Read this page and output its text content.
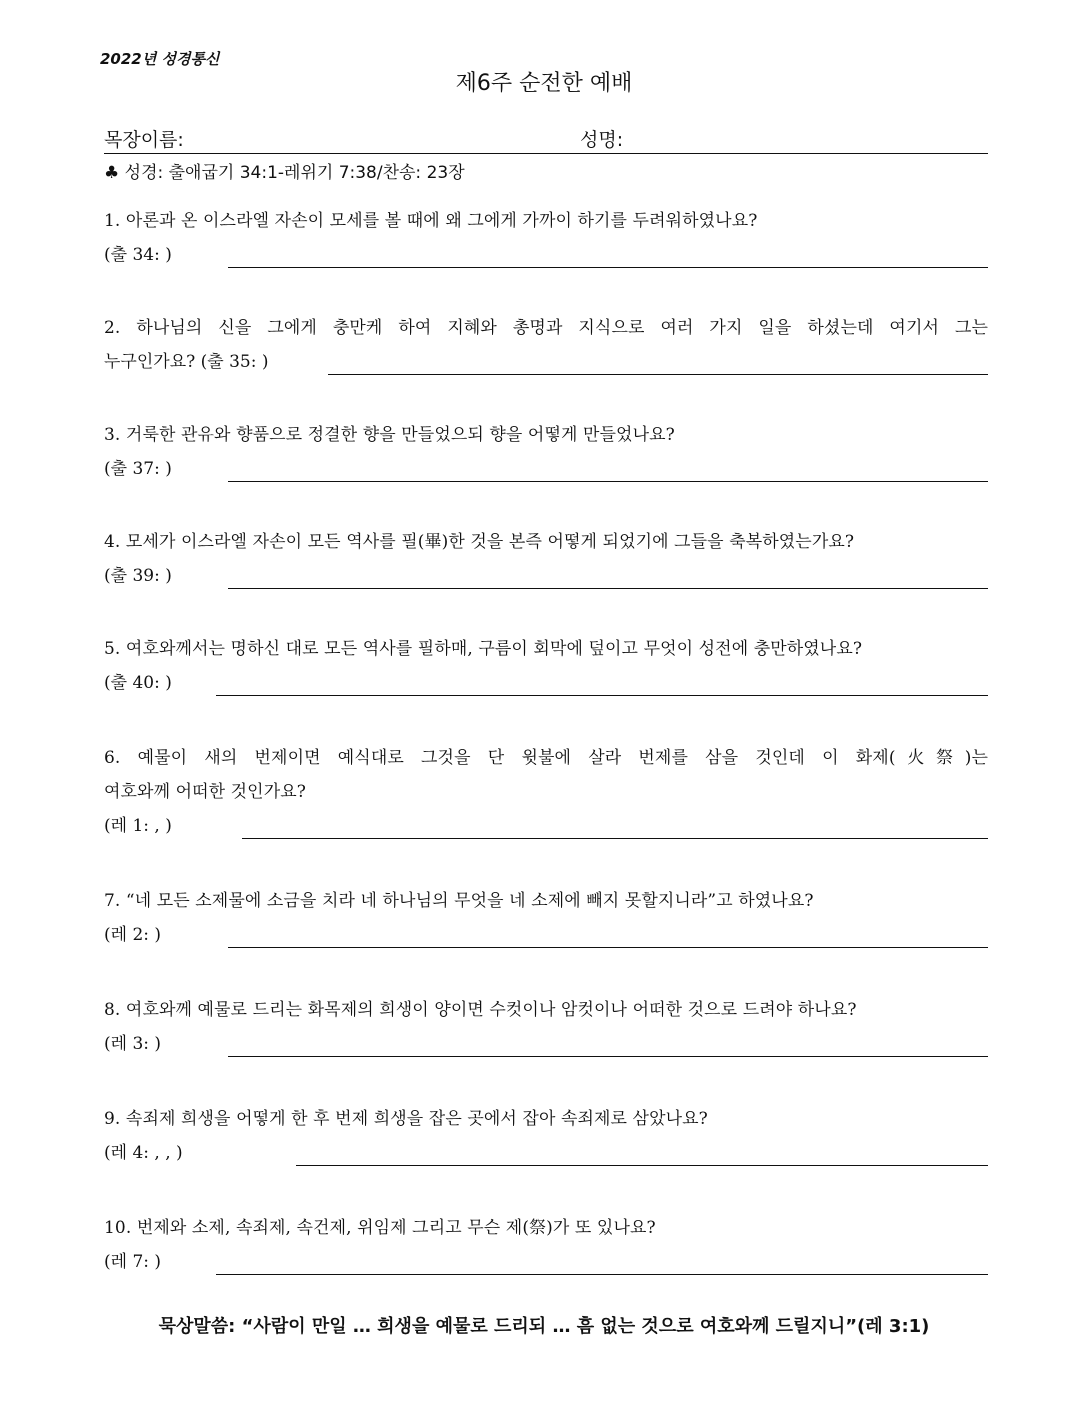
2022년 성경통신
제6주 순전한 예배
목장이름:	성명:
♣ 성경: 출애굽기 34:1-레위기 7:38/찬송: 23장
1. 아론과 온 이스라엘 자손이 모세를 볼 때에 왜 그에게 가까이 하기를 두려워하였나요?
(출 34: )
2. 하나님의 신을 그에게 충만케 하여 지혜와 총명과 지식으로 여러 가지 일을 하셨는데 여기서 그는
누구인가요? (출 35: )
3. 거룩한 관유와 향품으로 정결한 향을 만들었으되 향을 어떻게 만들었나요?
(출 37: )
4. 모세가 이스라엘 자손이 모든 역사를 필(畢)한 것을 본즉 어떻게 되었기에 그들을 축복하였는가요?
(출 39: )
5. 여호와께서는 명하신 대로 모든 역사를 필하매, 구름이 회막에 덮이고 무엇이 성전에 충만하였나요?
(출 40: )
6. 예물이 새의 번제이면 예식대로 그것을 단 윗불에 살라 번제를 삼을 것인데 이 화제(火祭)는
여호와께 어떠한 것인가요?
(레 1: , )
7. “네 모든 소제물에 소금을 치라 네 하나님의 무엇을 네 소제에 빼지 못할지니라”고 하였나요?
(레 2: )
8. 여호와께 예물로 드리는 화목제의 희생이 양이면 수컷이나 암컷이나 어떠한 것으로 드려야 하나요?
(레 3: )
9. 속죄제 희생을 어떻게 한 후 번제 희생을 잡은 곳에서 잡아 속죄제로 삼았나요?
(레 4: , , )
10. 번제와 소제, 속죄제, 속건제, 위임제 그리고 무슨 제(祭)가 또 있나요?
(레 7: )
묵상말씀: “사람이 만일 … 희생을 예물로 드리되 … 흠 없는 것으로 여호와께 드릴지니”(레 3:1)
